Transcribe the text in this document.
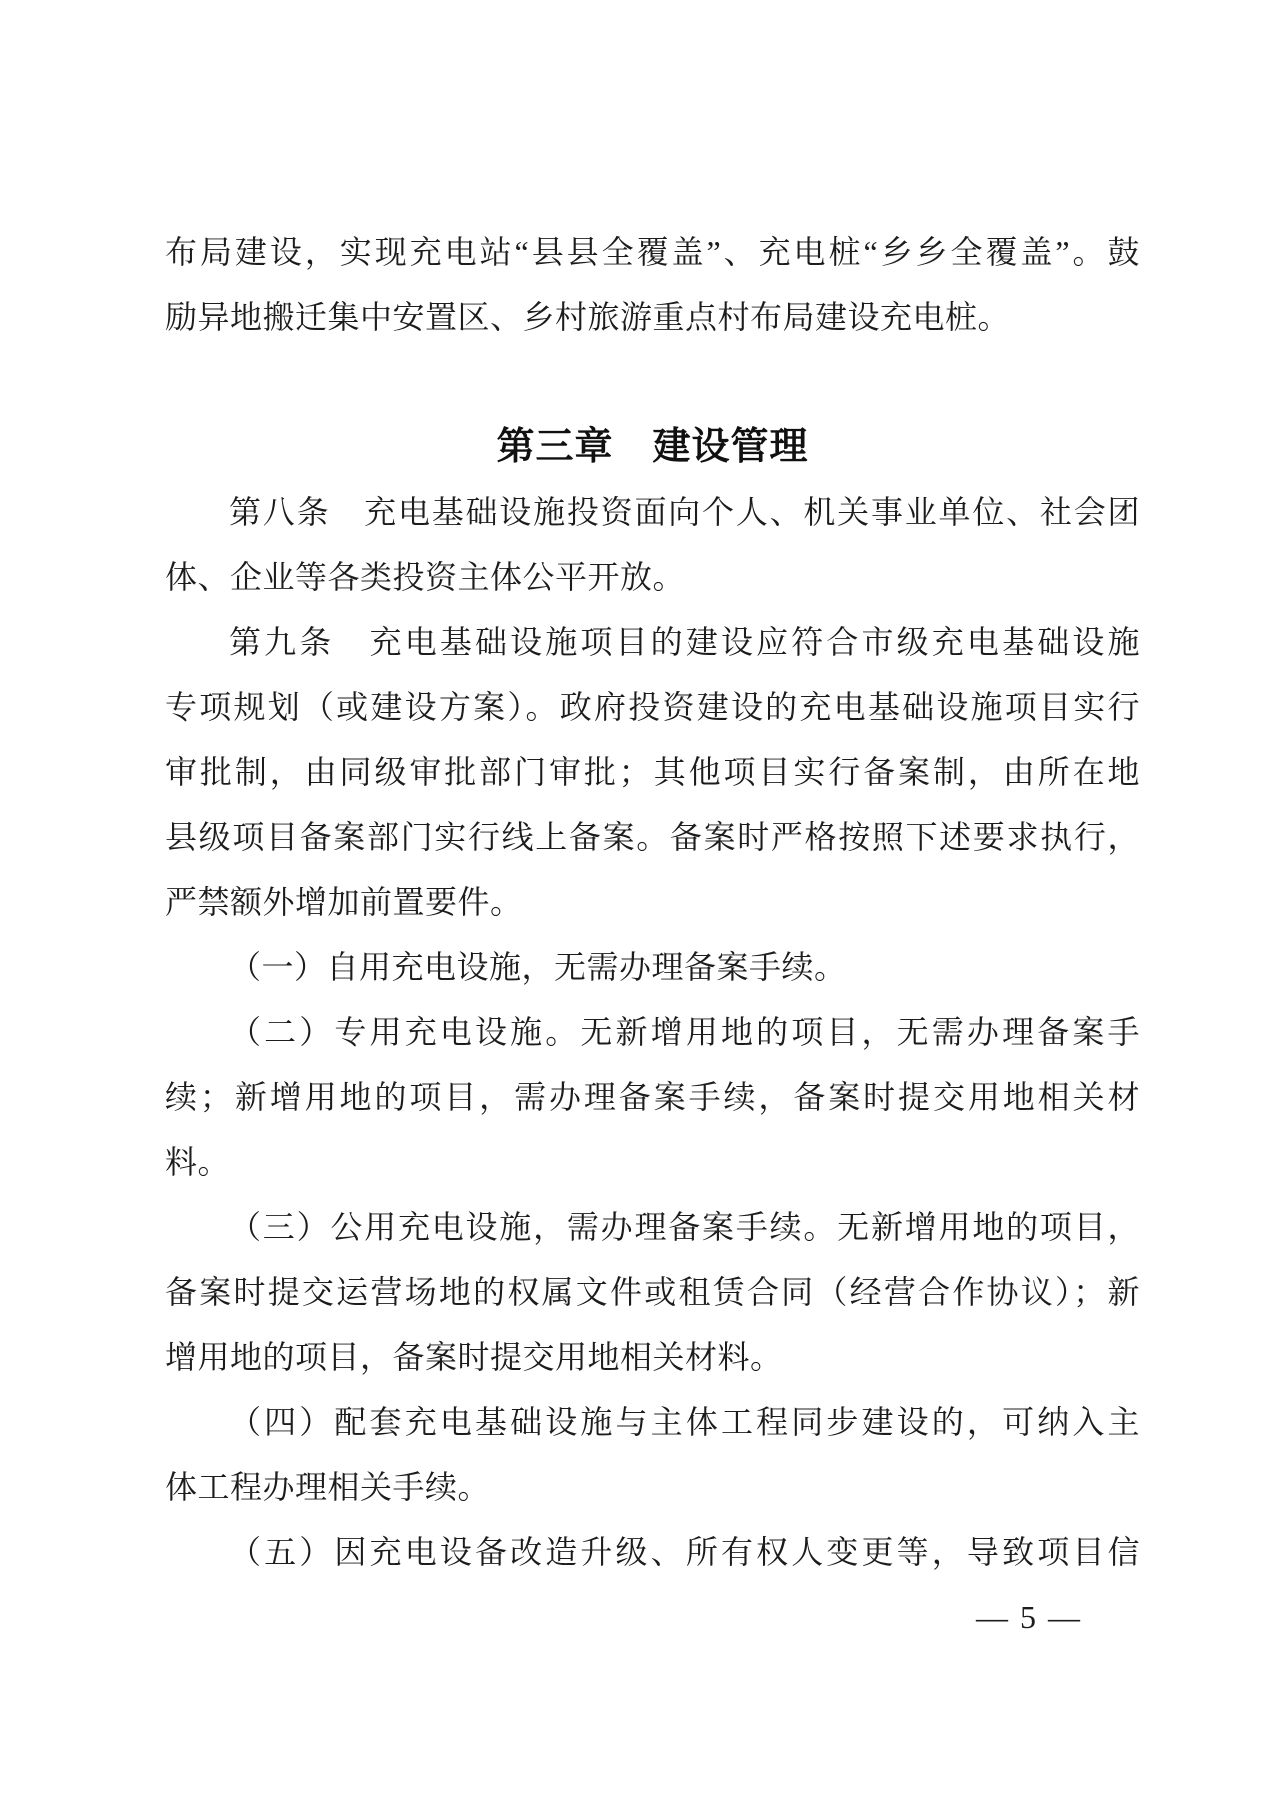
布局建设，实现充电站“县县全覆盖”、充电桩“乡乡全覆盖”。鼓
励异地搬迁集中安置区、乡村旅游重点村布局建设充电桩。
第三章　建设管理
第八条　充电基础设施投资面向个人、机关事业单位、社会团
体、企业等各类投资主体公平开放。
第九条　充电基础设施项目的建设应符合市级充电基础设施
专项规划（或建设方案）。政府投资建设的充电基础设施项目实行
审批制，由同级审批部门审批；其他项目实行备案制，由所在地
县级项目备案部门实行线上备案。备案时严格按照下述要求执行，
严禁额外增加前置要件。
（一）自用充电设施，无需办理备案手续。
（二）专用充电设施。无新增用地的项目，无需办理备案手
续；新增用地的项目，需办理备案手续，备案时提交用地相关材
料。
（三）公用充电设施，需办理备案手续。无新增用地的项目，
备案时提交运营场地的权属文件或租赁合同（经营合作协议）；新
增用地的项目，备案时提交用地相关材料。
（四）配套充电基础设施与主体工程同步建设的，可纳入主
体工程办理相关手续。
（五）因充电设备改造升级、所有权人变更等，导致项目信
— 5 —
